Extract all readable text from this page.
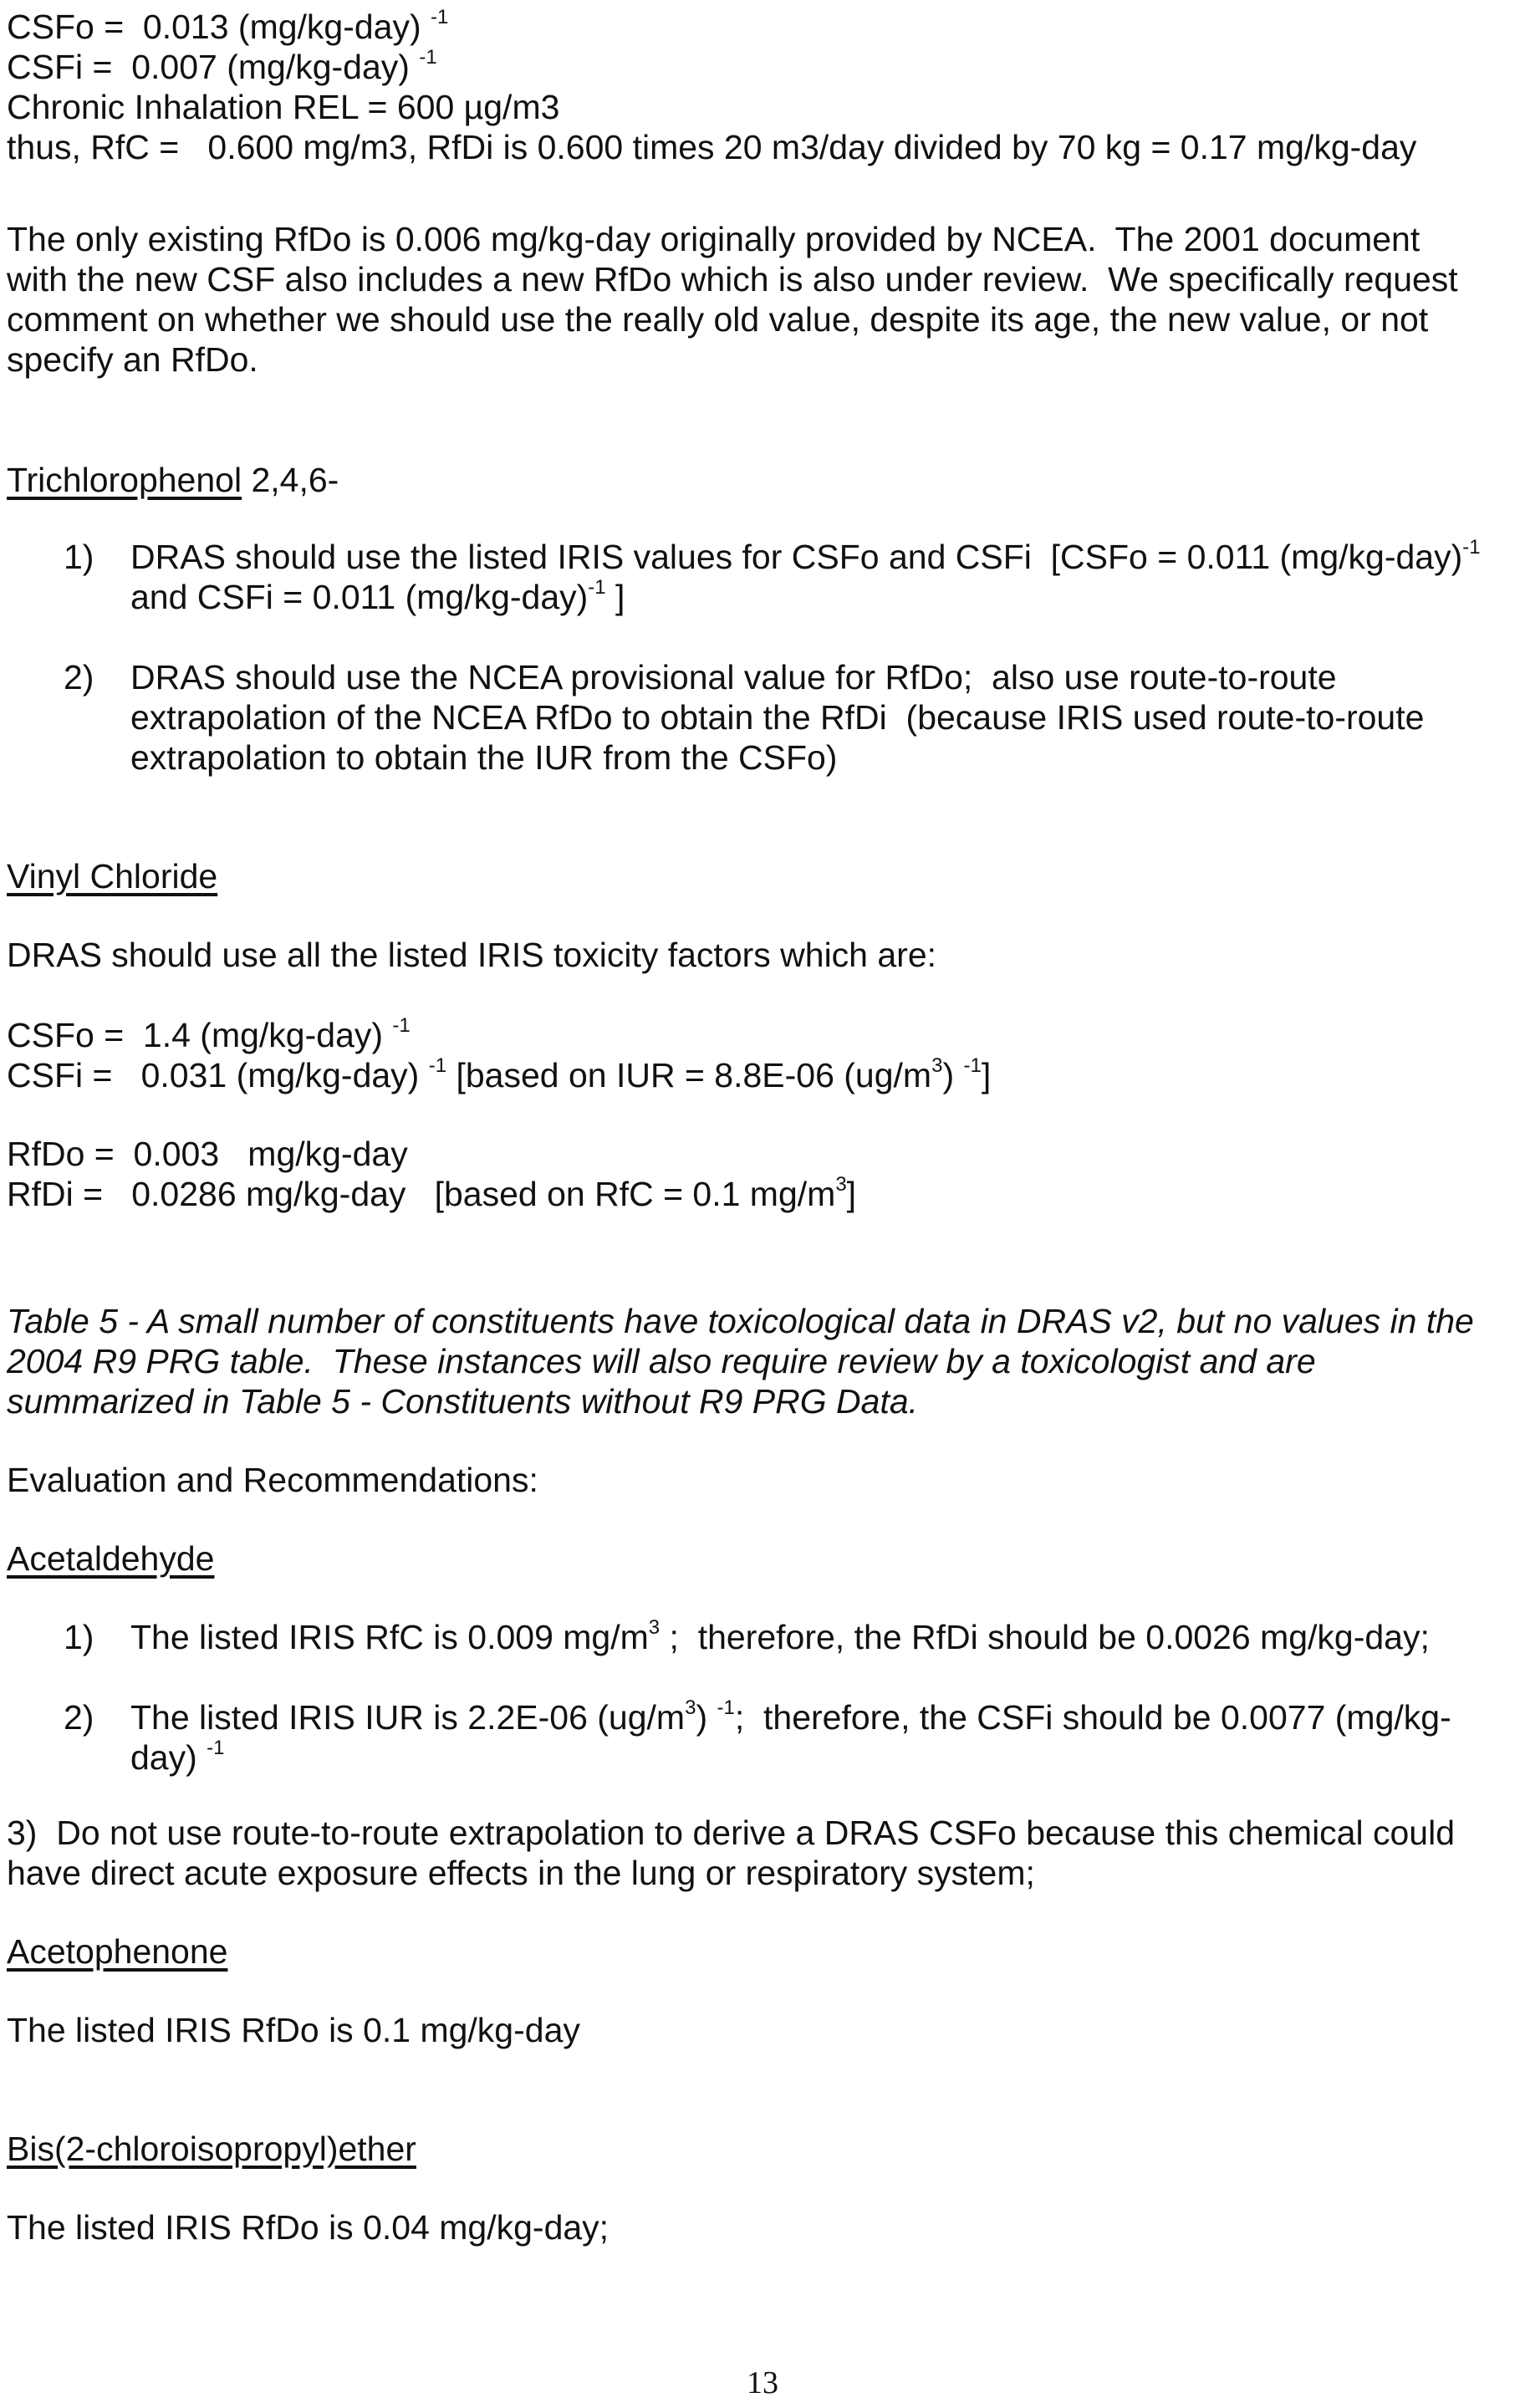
CSFo =  0.013 (mg/kg-day) $^{-1}$
CSFi =  0.007 (mg/kg-day) $^{-1}$
Chronic Inhalation REL = 600 µg/m3
thus, RfC =   0.600 mg/m3, RfDi is 0.600 times 20 m3/day divided by 70 kg = 0.17 mg/kg-day
The only existing RfDo is 0.006 mg/kg-day originally provided by NCEA.  The 2001 document
with the new CSF also includes a new RfDo which is also under review.  We specifically request
comment on whether we should use the really old value, despite its age, the new value, or not
specify an RfDo.
Trichlorophenol 2,4,6-
1) DRAS should use the listed IRIS values for CSFo and CSFi  [CSFo = 0.011 $(mg/kg-day)^{-1}$
and CSFi = 0.011 $(mg/kg-day)^{-1}$ ]
2) DRAS should use the NCEA provisional value for RfDo;  also use route-to-route
extrapolation of the NCEA RfDo to obtain the RfDi  (because IRIS used route-to-route
extrapolation to obtain the IUR from the CSFo)
Vinyl Chloride
DRAS should use all the listed IRIS toxicity factors which are:
CSFo =  1.4 (mg/kg-day) $^{-1}$
CSFi =   0.031 (mg/kg-day) $^{-1}$ [based on IUR = 8.8E-06 $(ug/m^3)$ $^{-1}$]
RfDo =  0.003   mg/kg-day
RfDi =   0.0286 mg/kg-day   [based on RfC = 0.1 $mg/m^3$]
Table 5 - A small number of constituents have toxicological data in DRAS v2, but no values in the
2004 R9 PRG table.  These instances will also require review by a toxicologist and are
summarized in Table 5 - Constituents without R9 PRG Data.
Evaluation and Recommendations:
Acetaldehyde
1) The listed IRIS RfC is 0.009 $mg/m^3$ ;  therefore, the RfDi should be 0.0026 mg/kg-day;
2) The listed IRIS IUR is 2.2E-06 $(ug/m^3)$ $^{-1}$;  therefore, the CSFi should be 0.0077 (mg/kg-
day) $^{-1}$
3)  Do not use route-to-route extrapolation to derive a DRAS CSFo because this chemical could
have direct acute exposure effects in the lung or respiratory system;
Acetophenone
The listed IRIS RfDo is 0.1 mg/kg-day
Bis(2-chloroisopropyl)ether
The listed IRIS RfDo is 0.04 mg/kg-day;
13
